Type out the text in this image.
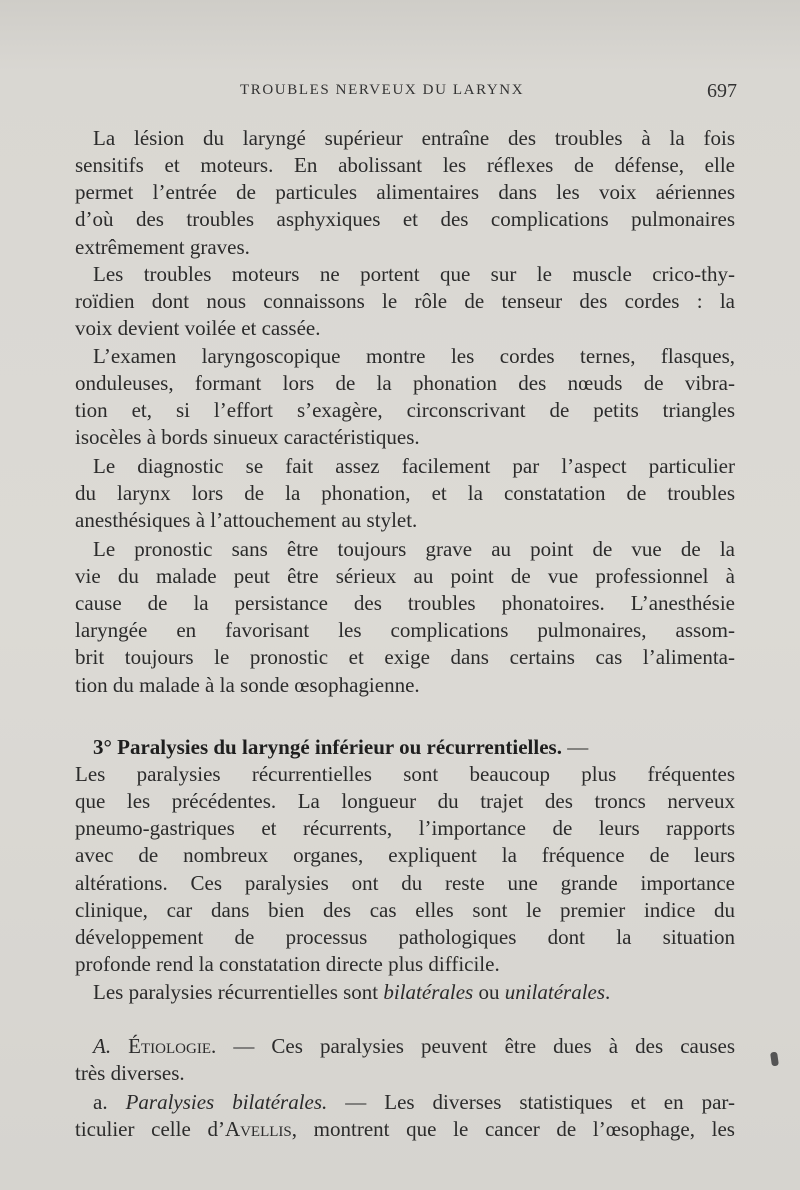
TROUBLES NERVEUX DU LARYNX	697
La lésion du laryngé supérieur entraîne des troubles à la fois
sensitifs et moteurs. En abolissant les réflexes de défense, elle
permet l’entrée de particules alimentaires dans les voix aériennes
d’où des troubles asphyxiques et des complications pulmonaires
extrêmement graves.
Les troubles moteurs ne portent que sur le muscle crico-thy-
roïdien dont nous connaissons le rôle de tenseur des cordes : la
voix devient voilée et cassée.
L’examen laryngoscopique montre les cordes ternes, flasques,
onduleuses, formant lors de la phonation des nœuds de vibra-
tion et, si l’effort s’exagère, circonscrivant de petits triangles
isocèles à bords sinueux caractéristiques.
Le diagnostic se fait assez facilement par l’aspect particulier
du larynx lors de la phonation, et la constatation de troubles
anesthésiques à l’attouchement au stylet.
Le pronostic sans être toujours grave au point de vue de la
vie du malade peut être sérieux au point de vue professionnel à
cause de la persistance des troubles phonatoires. L’anesthésie
laryngée en favorisant les complications pulmonaires, assom-
brit toujours le pronostic et exige dans certains cas l’alimenta-
tion du malade à la sonde œsophagienne.
3° Paralysies du laryngé inférieur ou récurrentielles. —
Les paralysies récurrentielles sont beaucoup plus fréquentes
que les précédentes. La longueur du trajet des troncs nerveux
pneumo-gastriques et récurrents, l’importance de leurs rapports
avec de nombreux organes, expliquent la fréquence de leurs
altérations. Ces paralysies ont du reste une grande importance
clinique, car dans bien des cas elles sont le premier indice du
développement de processus pathologiques dont la situation
profonde rend la constatation directe plus difficile.
Les paralysies récurrentielles sont bilatérales ou unilatérales.
A. Étiologie. — Ces paralysies peuvent être dues à des causes
très diverses.
a. Paralysies bilatérales. — Les diverses statistiques et en par-
ticulier celle d’Avellis, montrent que le cancer de l’œsophage, les
